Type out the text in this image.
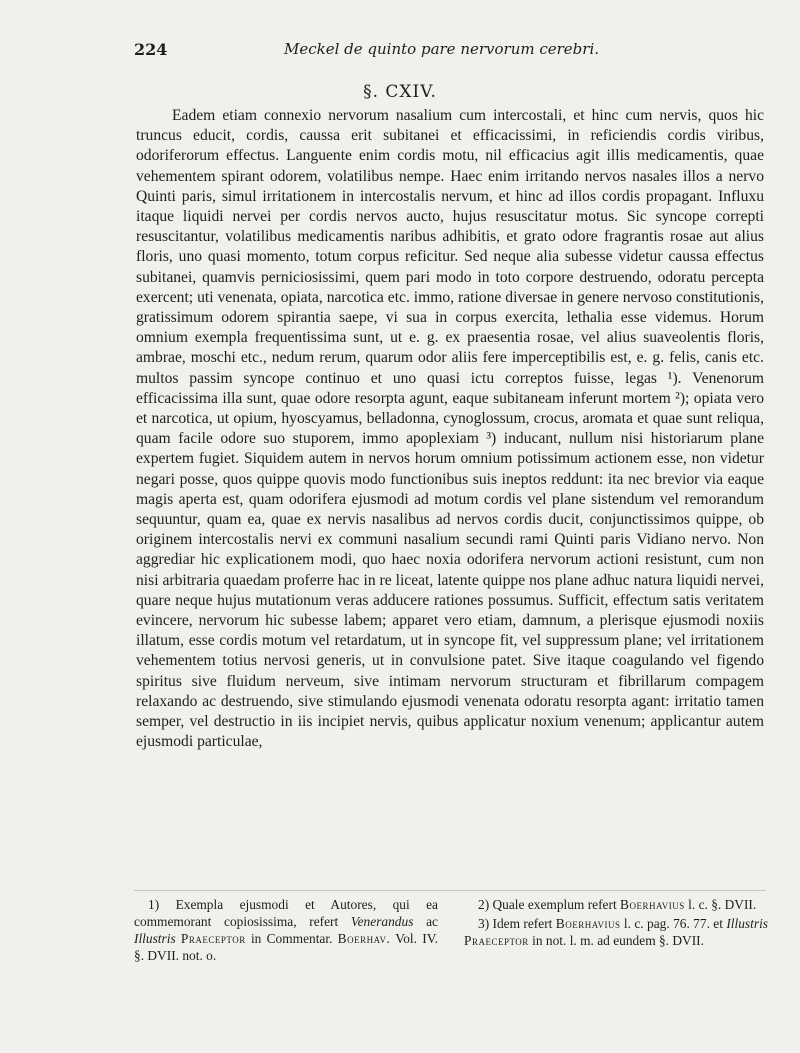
224	Meckel de quinto pare nervorum cerebri.
§. CXIV.

Eadem etiam connexio nervorum nasalium cum intercostali, et hinc cum nervis, quos hic truncus educit, cordis, caussa erit subitanei et efficacissimi, in reficiendis cordis viribus, odoriferorum effectus. Languente enim cordis motu, nil efficacius agit illis medicamentis, quae vehementem spirant odorem, volatilibus nempe. Haec enim irritando nervos nasales illos a nervo Quinti paris, simul irritationem in intercostalis nervum, et hinc ad illos cordis propagant. Influxu itaque liquidi nervei per cordis nervos aucto, hujus resuscitatur motus. Sic syncope correpti resuscitantur, volatilibus medicamentis naribus adhibitis, et grato odore fragrantis rosae aut alius floris, uno quasi momento, totum corpus reficitur. Sed neque alia subesse videtur caussa effectus subitanei, quamvis perniciosissimi, quem pari modo in toto corpore destruendo, odoratu percepta exercent; uti venenata, opiata, narcotica etc. immo, ratione diversae in genere nervoso constitutionis, gratissimum odorem spirantia saepe, vi sua in corpus exercita, lethalia esse videmus. Horum omnium exempla frequentissima sunt, ut e. g. ex praesentia rosae, vel alius suaveolentis floris, ambrae, moschi etc., nedum rerum, quarum odor aliis fere imperceptibilis est, e. g. felis, canis etc. multos passim syncope continuo et uno quasi ictu correptos fuisse, legas ¹). Venenorum efficacissima illa sunt, quae odore resorpta agunt, eaque subitaneam inferunt mortem ²); opiata vero et narcotica, ut opium, hyoscyamus, belladonna, cynoglossum, crocus, aromata et quae sunt reliqua, quam facile odore suo stuporem, immo apoplexiam ³) inducant, nullum nisi historiarum plane expertem fugiet. Siquidem autem in nervos horum omnium potissimum actionem esse, non videtur negari posse, quos quippe quovis modo functionibus suis ineptos reddunt: ita nec brevior via eaque magis aperta est, quam odorifera ejusmodi ad motum cordis vel plane sistendum vel remorandum sequuntur, quam ea, quae ex nervis nasalibus ad nervos cordis ducit, conjunctissimos quippe, ob originem intercostalis nervi ex communi nasalium secundi rami Quinti paris Vidiano nervo. Non aggrediar hic explicationem modi, quo haec noxia odorifera nervorum actioni resistunt, cum non nisi arbitraria quaedam proferre hac in re liceat, latente quippe nos plane adhuc natura liquidi nervei, quare neque hujus mutationum veras adducere rationes possumus. Sufficit, effectum satis veritatem evincere, nervorum hic subesse labem; apparet vero etiam, damnum, a plerisque ejusmodi noxiis illatum, esse cordis motum vel retardatum, ut in syncope fit, vel suppressum plane; vel irritationem vehementem totius nervosi generis, ut in convulsione patet. Sive itaque coagulando vel figendo spiritus sive fluidum nerveum, sive intimam nervorum structuram et fibrillarum compagem relaxando ac destruendo, sive stimulando ejusmodi venenata odoratu resorpta agant: irritatio tamen semper, vel destructio in iis incipiet nervis, quibus applicatur noxium venenum; applicantur autem ejusmodi particulae,

1) Exempla ejusmodi et Autores, qui ea commemorant copiosissima, refert Venerandus ac Illustris Praeceptor in Commentar. Boerhav. Vol. IV. §. DVII. not. o.

2) Quale exemplum refert Boerhavius l. c. §. DVII.

3) Idem refert Boerhavius l. c. pag. 76. 77. et Illustris Praeceptor in not. l. m. ad eundem §. DVII.
